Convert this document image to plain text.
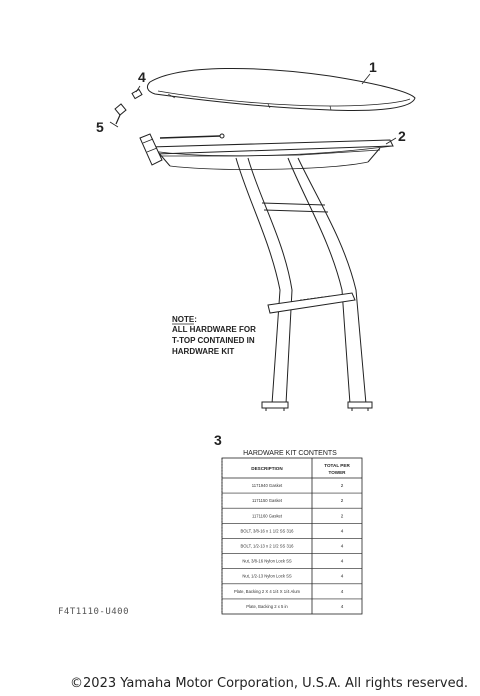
1
2
3
4
5
NOTE:
ALL HARDWARE FOR
T-TOP CONTAINED IN
HARDWARE KIT
HARDWARE KIT CONTENTS
DESCRIPTION
TOTAL PER
TOWER
1171940 Gasket	2
1171150 Gasket	2
1171160 Gasket	2
BOLT, 3/8-16 x 1 1/2 SS 316	4
BOLT, 1/2-13 x 2 1/2 SS 316	4
Nut, 3/8-16 Nylon Lock SS	4
Nut, 1/2-13 Nylon Lock SS	4
Plate, Backing 2 X 4 1/4 X 1/4 Alum	4
Plate, Backing 2 x 5 in	4
F4T1110-U400
©2023 Yamaha Motor Corporation, U.S.A. All rights reserved.
